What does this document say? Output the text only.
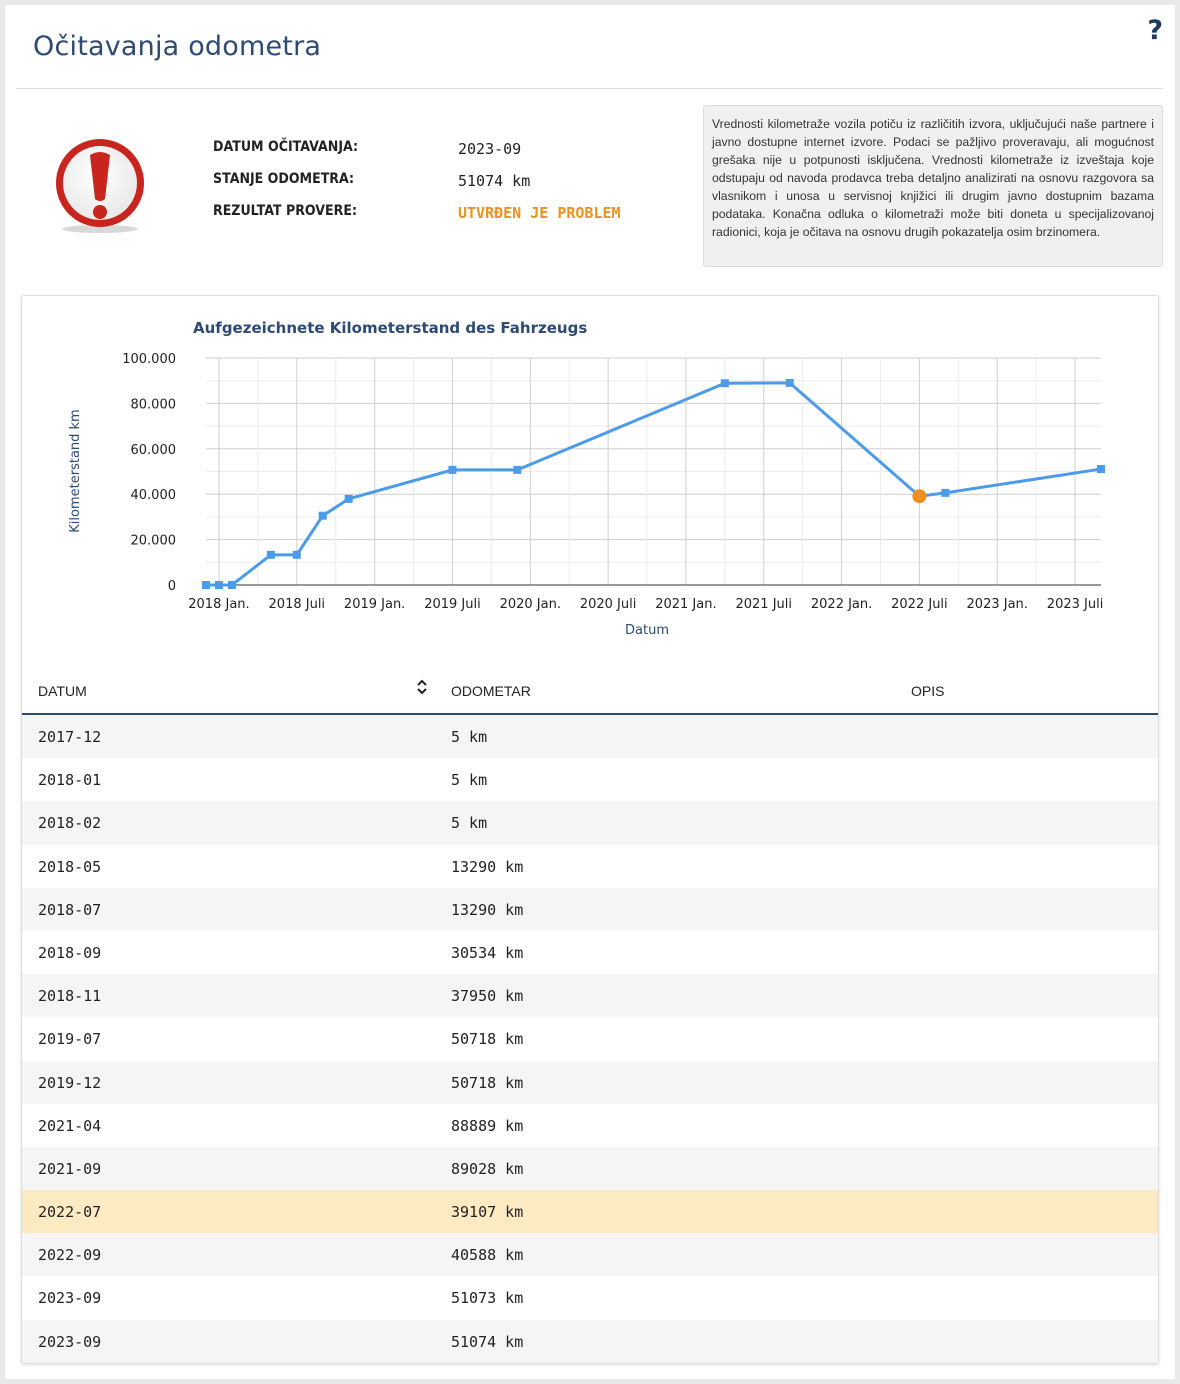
Očitavanja odometra
?
DATUM OČITAVANJA:	2023-09
STANJE ODOMETRA:	51074 km
REZULTAT PROVERE:	UTVRĐEN JE PROBLEM
Vrednosti kilometraže vozila potiču iz različitih izvora, uključujući naše partnere i javno dostupne internet izvore. Podaci se pažljivo proveravaju, ali mogućnost grešaka nije u potpunosti isključena. Vrednosti kilometraže iz izveštaja koje odstupaju od navoda prodavca treba detaljno analizirati na osnovu razgovora sa vlasnikom i unosa u servisnoj knjižici ili drugim javno dostupnim bazama podataka. Konačna odluka o kilometraži može biti doneta u specijalizovanoj radionici, koja je očitava na osnovu drugih pokazatelja osim brzinomera.
Aufgezeichnete Kilometerstand des Fahrzeugs
0
20.000
40.000
60.000
80.000
100.000
2018 Jan. 2018 Juli 2019 Jan. 2019 Juli 2020 Jan. 2020 Juli 2021 Jan. 2021 Juli 2022 Jan. 2022 Juli 2023 Jan. 2023 Juli
Datum
Kilometerstand km
DATUM	ODOMETAR	OPIS
2017-12	5 km
2018-01	5 km
2018-02	5 km
2018-05	13290 km
2018-07	13290 km
2018-09	30534 km
2018-11	37950 km
2019-07	50718 km
2019-12	50718 km
2021-04	88889 km
2021-09	89028 km
2022-07	39107 km
2022-09	40588 km
2023-09	51073 km
2023-09	51074 km
